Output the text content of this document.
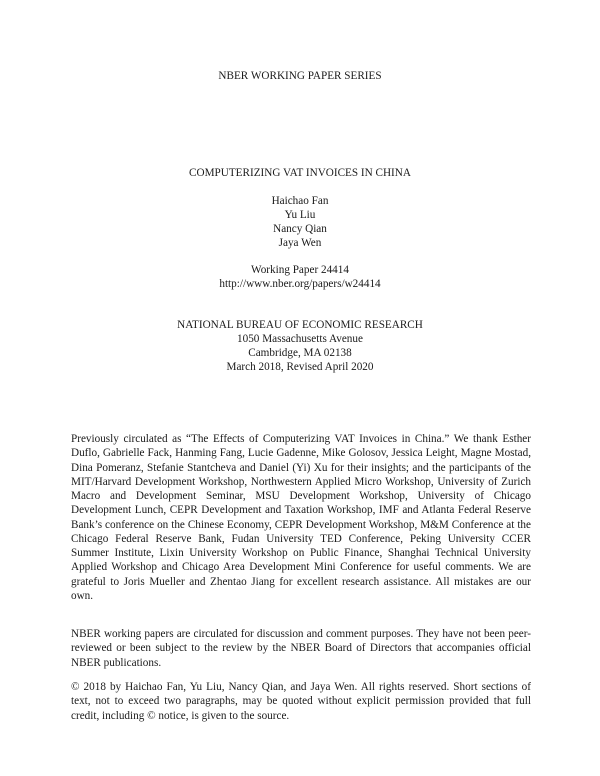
NBER WORKING PAPER SERIES
COMPUTERIZING VAT INVOICES IN CHINA
Haichao Fan
Yu Liu
Nancy Qian
Jaya Wen
Working Paper 24414
http://www.nber.org/papers/w24414
NATIONAL BUREAU OF ECONOMIC RESEARCH
1050 Massachusetts Avenue
Cambridge, MA 02138
March 2018, Revised April 2020

Previously circulated as “The Effects of Computerizing VAT Invoices in China.” We thank Esther Duflo, Gabrielle Fack, Hanming Fang, Lucie Gadenne, Mike Golosov, Jessica Leight, Magne Mostad, Dina Pomeranz, Stefanie Stantcheva and Daniel (Yi) Xu for their insights; and the participants of the MIT/Harvard Development Workshop, Northwestern Applied Micro Workshop, University of Zurich Macro and Development Seminar, MSU Development Workshop, University of Chicago Development Lunch, CEPR Development and Taxation Workshop, IMF and Atlanta Federal Reserve Bank’s conference on the Chinese Economy, CEPR Development Workshop, M&M Conference at the Chicago Federal Reserve Bank, Fudan University TED Conference, Peking University CCER Summer Institute, Lixin University Workshop on Public Finance, Shanghai Technical University Applied Workshop and Chicago Area Development Mini Conference for useful comments. We are grateful to Joris Mueller and Zhentao Jiang for excellent research assistance. All mistakes are our own.

NBER working papers are circulated for discussion and comment purposes. They have not been peer-reviewed or been subject to the review by the NBER Board of Directors that accompanies official NBER publications.

© 2018 by Haichao Fan, Yu Liu, Nancy Qian, and Jaya Wen. All rights reserved. Short sections of text, not to exceed two paragraphs, may be quoted without explicit permission provided that full credit, including © notice, is given to the source.
